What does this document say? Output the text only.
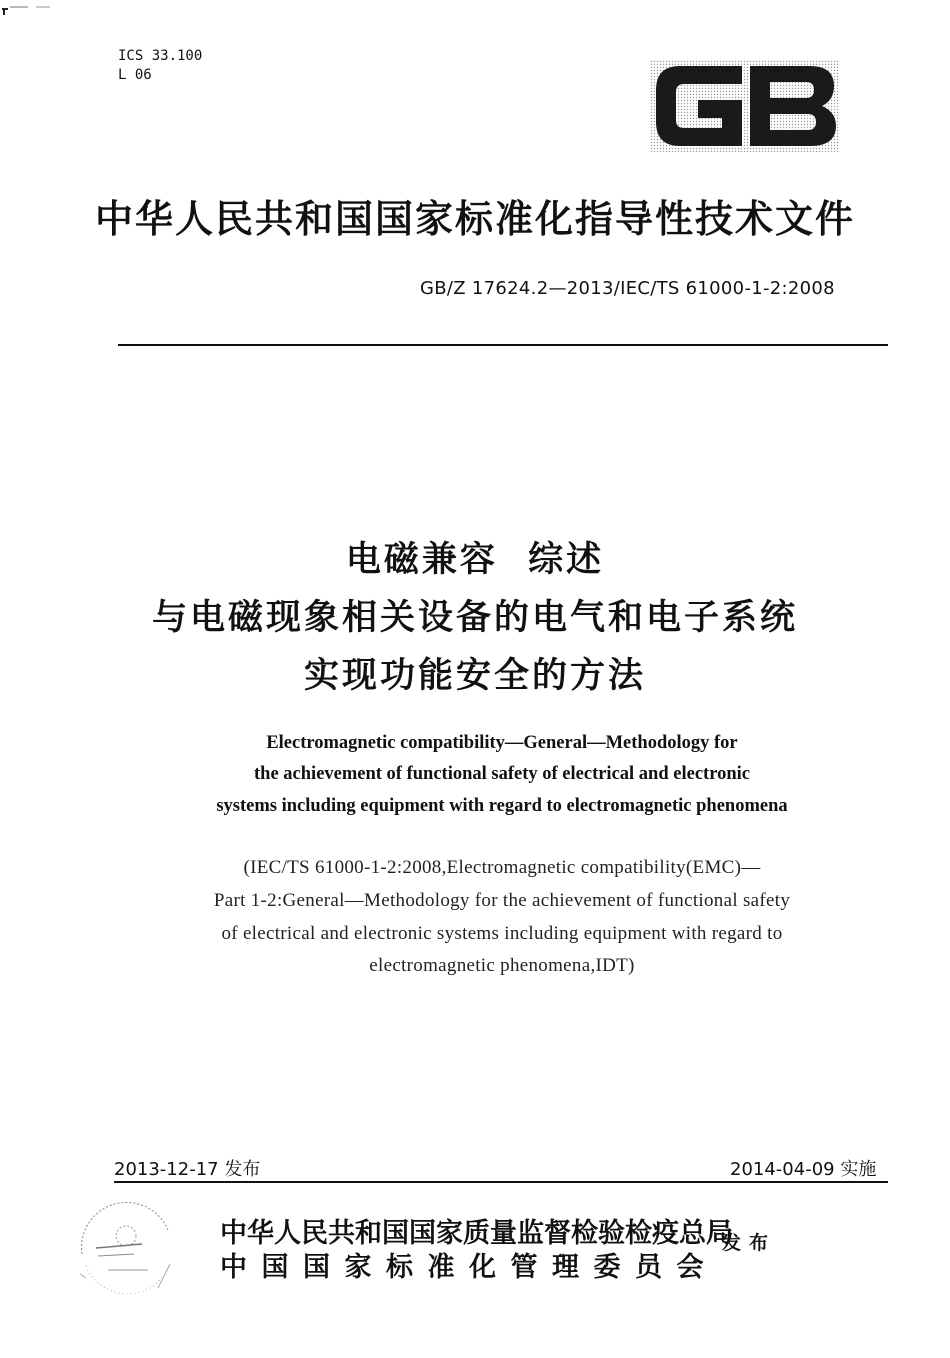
ICS 33.100
L 06
中华人民共和国国家标准化指导性技术文件
GB/Z 17624.2—2013/IEC/TS 61000-1-2:2008
电磁兼容  综述
与电磁现象相关设备的电气和电子系统
实现功能安全的方法
Electromagnetic compatibility—General—Methodology for
the achievement of functional safety of electrical and electronic
systems including equipment with regard to electromagnetic phenomena
(IEC/TS 61000-1-2:2008,Electromagnetic compatibility(EMC)—
Part 1-2:General—Methodology for the achievement of functional safety
of electrical and electronic systems including equipment with regard to
electromagnetic phenomena,IDT)
2013-12-17 发布	2014-04-09 实施
中华人民共和国国家质量监督检验检疫总局
中国国家标准化管理委员会
发布
